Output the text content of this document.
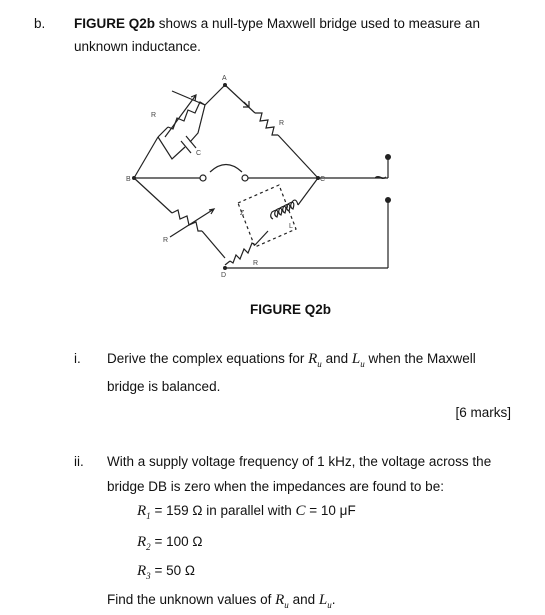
b. FIGURE Q2b shows a null-type Maxwell bridge used to measure an
unknown inductance.
A
B	C
D
R
C
R
R
Z
L
R
~
FIGURE Q2b
i. Derive the complex equations for $R_u$ and $L_u$ when the Maxwell
bridge is balanced.
[6 marks]
ii. With a supply voltage frequency of 1 kHz, the voltage across the
bridge DB is zero when the impedances are found to be:
$R_1 = 159$ Ω in parallel with C = 10 μF
$R_2 = 100$ Ω
$R_3 = 50$ Ω
Find the unknown values of $R_u$ and $L_u$.
